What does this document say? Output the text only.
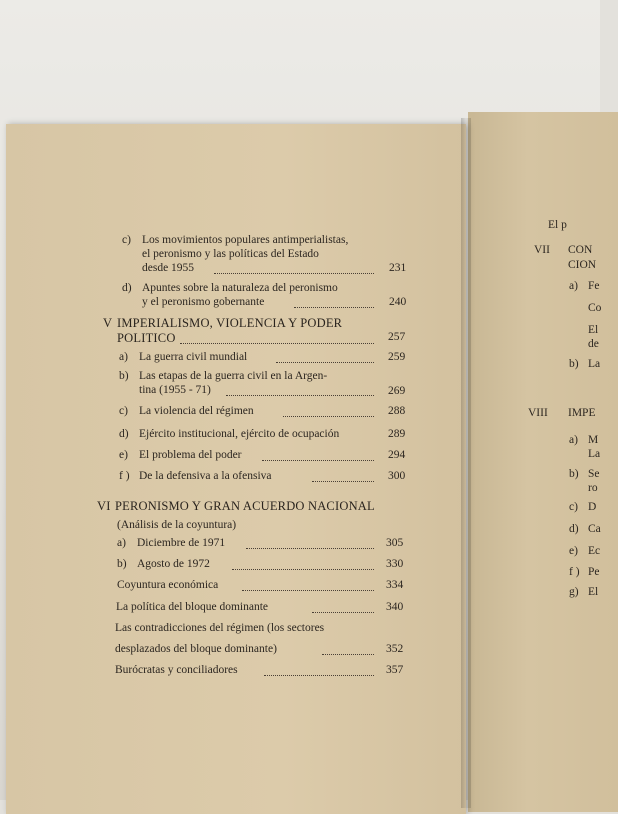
c) Los movimientos populares antimperialistas,
el peronismo y las políticas del Estado
desde 1955	231
d) Apuntes sobre la naturaleza del peronismo
y el peronismo gobernante	240
V IMPERIALISMO, VIOLENCIA Y PODER
POLITICO	257
a) La guerra civil mundial	259
b) Las etapas de la guerra civil en la Argen-
tina (1955 - 71)	269
c) La violencia del régimen	288
d) Ejército institucional, ejército de ocupación	289
e) El problema del poder	294
f ) De la defensiva a la ofensiva	300
VI PERONISMO Y GRAN ACUERDO NACIONAL
(Análisis de la coyuntura)
a) Diciembre de 1971	305
b) Agosto de 1972	330
Coyuntura económica	334
La política del bloque dominante	340
Las contradicciones del régimen (los sectores
desplazados del bloque dominante)	352
Burócratas y conciliadores	357
El p
VII CON
CION
a) Fe
Co
El
de
b) La
VIII IMPE
a) M
La
b) Se
ro
c) D
d) Ca
e) Ec
f ) Pe
g) El
